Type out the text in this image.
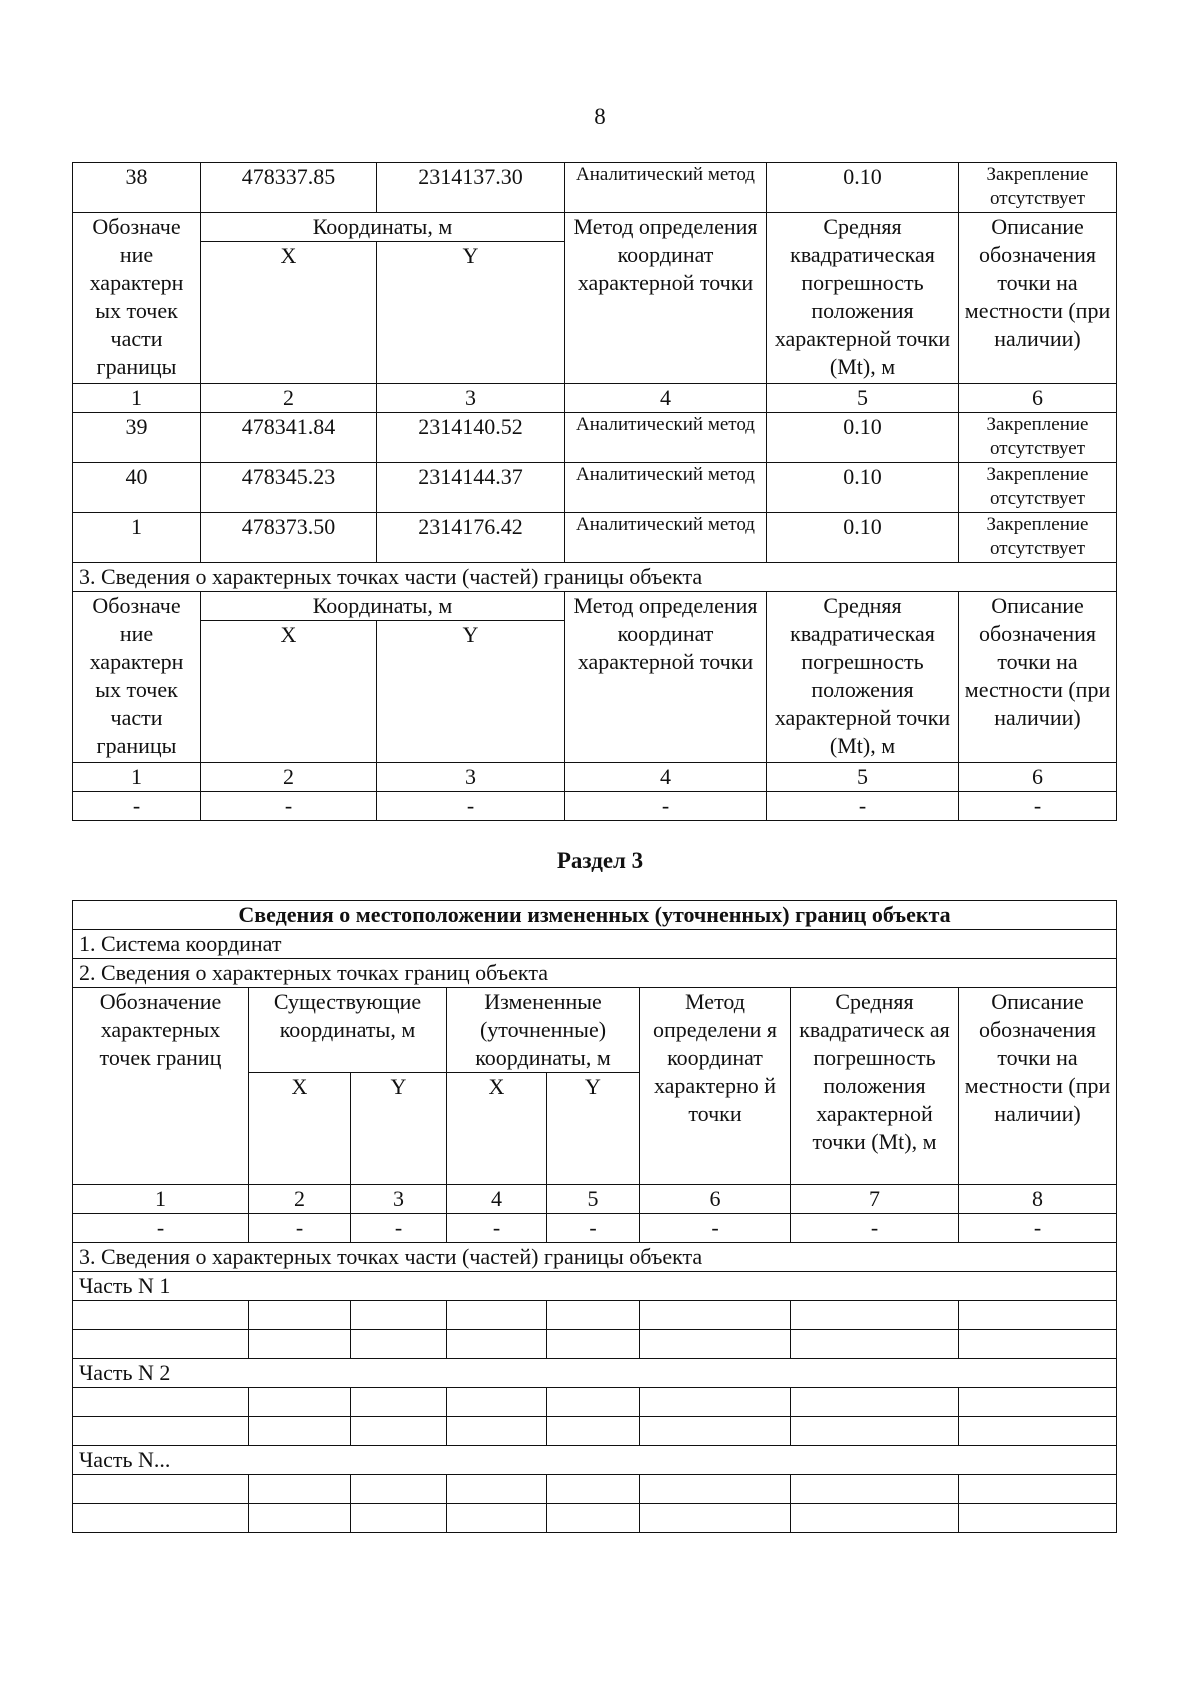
8
38	478337.85	2314137.30	Аналитический метод	0.10	Закрепление отсутствует
Обозначе ние характерн ых точек части границы	Координаты, м		Метод определения координат характерной точки	Средняя квадратическая погрешность положения характерной точки (Mt), м	Описание обозначения точки на местности (при наличии)
	X	Y			
1	2	3	4	5	6
39	478341.84	2314140.52	Аналитический метод	0.10	Закрепление отсутствует
40	478345.23	2314144.37	Аналитический метод	0.10	Закрепление отсутствует
1	478373.50	2314176.42	Аналитический метод	0.10	Закрепление отсутствует
3. Сведения о характерных точках части (частей) границы объекта					
Обозначе ние характерн ых точек части границы	Координаты, м		Метод определения координат характерной точки	Средняя квадратическая погрешность положения характерной точки (Mt), м	Описание обозначения точки на местности (при наличии)
	X	Y			
1	2	3	4	5	6
-	-	-	-	-	-
Раздел 3
Сведения о местоположении измененных (уточненных) границ объекта							
1. Система координат							
2. Сведения о характерных точках границ объекта							
Обозначение характерных точек границ	Существующие координаты, м		Измененные (уточненные) координаты, м		Метод определени я координат характерно й точки	Средняя квадратическ ая погрешность положения характерной точки (Mt), м	Описание обозначения точки на местности (при наличии)
	X	Y	X	Y			
1	2	3	4	5	6	7	8
-	-	-	-	-	-	-	-
3. Сведения о характерных точках части (частей) границы объекта							
Часть N 1							

Часть N 2							

Часть N...							
